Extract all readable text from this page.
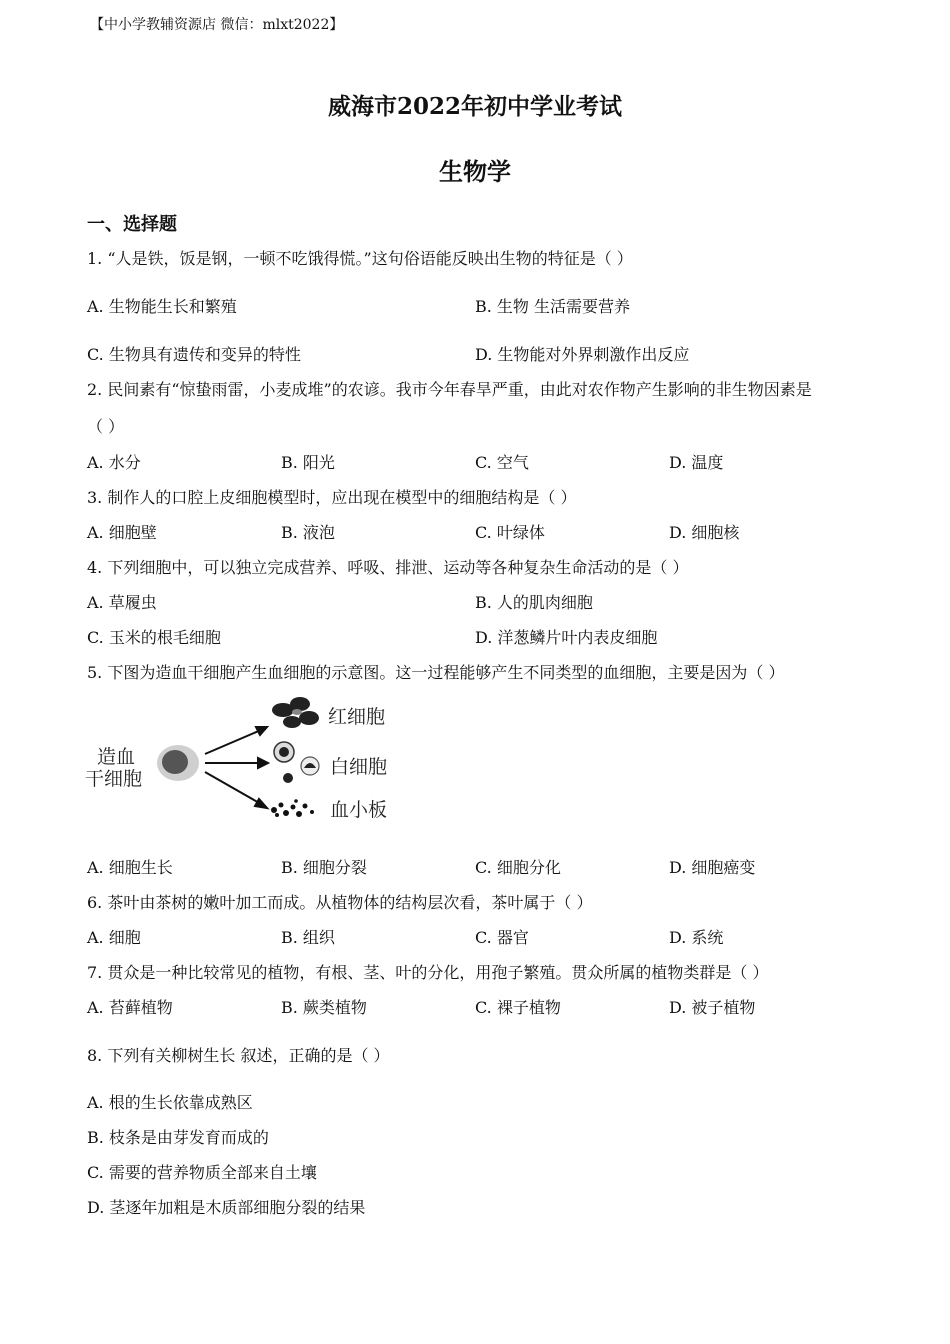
【中小学教辅资源店 微信：mlxt2022】
威海市2022年初中学业考试
生物学
一、选择题
1. “人是铁，饭是钢，一顿不吃饿得慌。”这句俗语能反映出生物的特征是（ ）
A. 生物能生长和繁殖	B. 生物 生活需要营养
C. 生物具有遗传和变异的特性	D. 生物能对外界刺激作出反应
2. 民间素有“惊蛰雨雷，小麦成堆”的农谚。我市今年春旱严重，由此对农作物产生影响的非生物因素是
（ ）
A. 水分	B. 阳光	C. 空气	D. 温度
3. 制作人的口腔上皮细胞模型时，应出现在模型中的细胞结构是（ ）
A. 细胞壁	B. 液泡	C. 叶绿体	D. 细胞核
4. 下列细胞中，可以独立完成营养、呼吸、排泄、运动等各种复杂生命活动的是（ ）
A. 草履虫	B. 人的肌肉细胞
C. 玉米的根毛细胞	D. 洋葱鳞片叶内表皮细胞
5. 下图为造血干细胞产生血细胞的示意图。这一过程能够产生不同类型的血细胞，主要是因为（ ）
造血
干细胞
红细胞
白细胞
血小板
A. 细胞生长	B. 细胞分裂	C. 细胞分化	D. 细胞癌变
6. 茶叶由茶树的嫩叶加工而成。从植物体的结构层次看，茶叶属于（ ）
A. 细胞	B. 组织	C. 器官	D. 系统
7. 贯众是一种比较常见的植物，有根、茎、叶的分化，用孢子繁殖。贯众所属的植物类群是（ ）
A. 苔藓植物	B. 蕨类植物	C. 裸子植物	D. 被子植物
8. 下列有关柳树生长 叙述，正确的是（ ）
A. 根的生长依靠成熟区
B. 枝条是由芽发育而成的
C. 需要的营养物质全部来自土壤
D. 茎逐年加粗是木质部细胞分裂的结果
